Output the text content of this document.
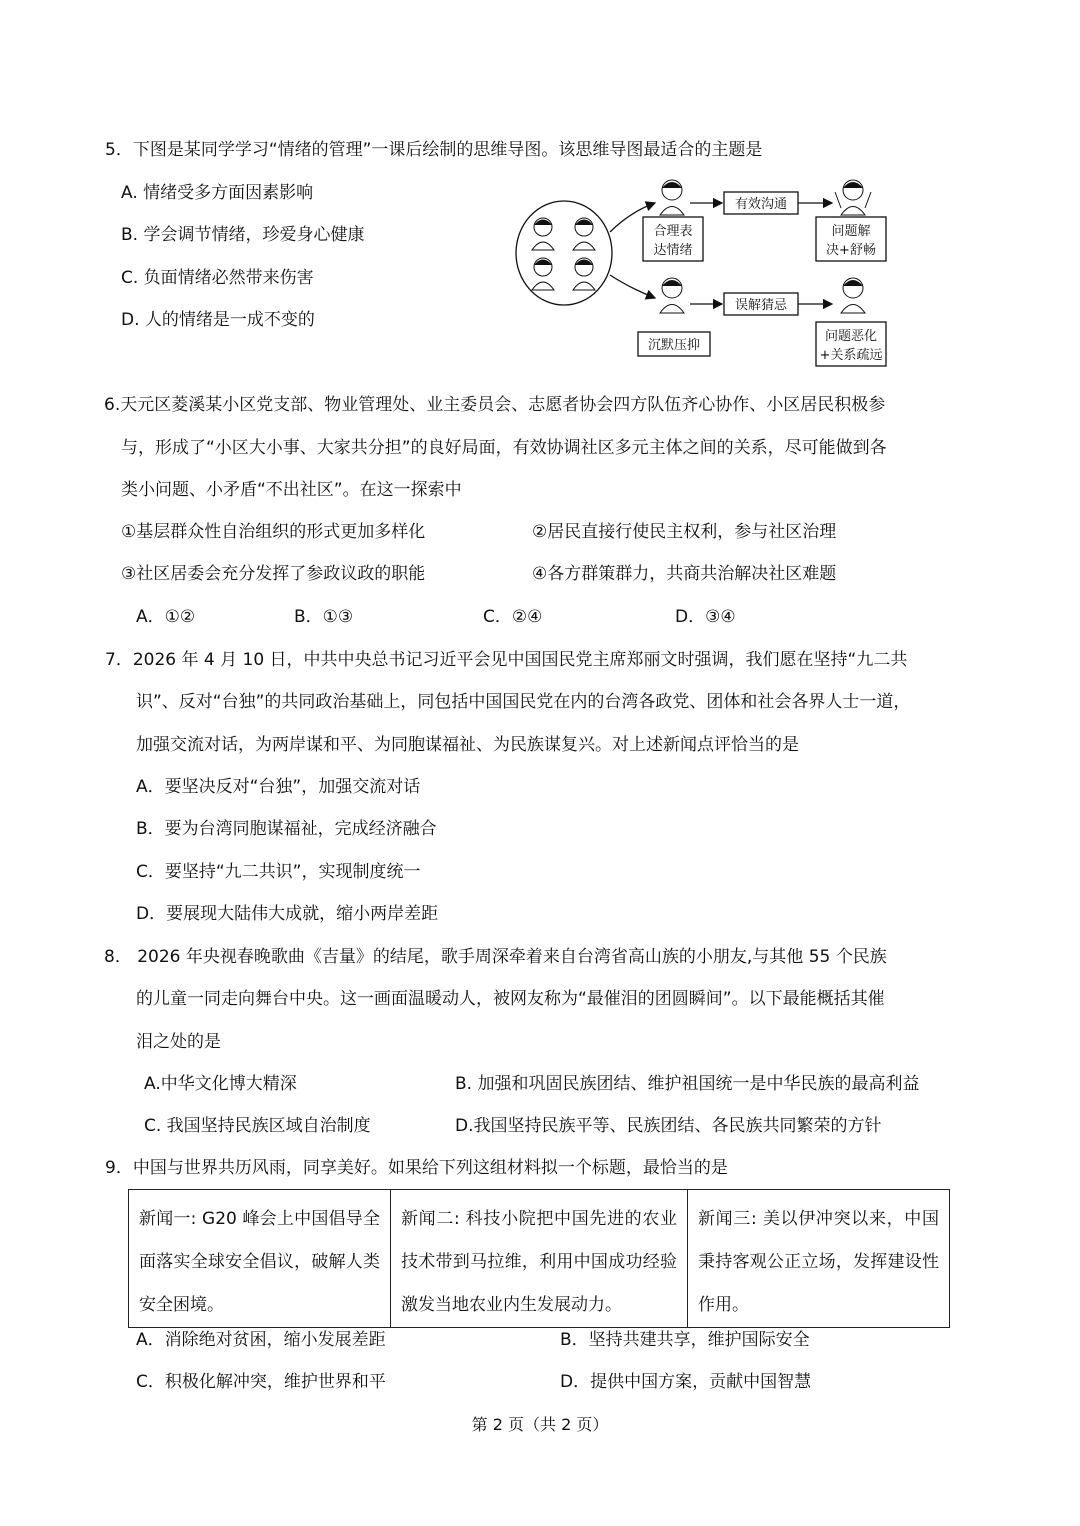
5．下图是某同学学习“情绪的管理”一课后绘制的思维导图。该思维导图最适合的主题是
A. 情绪受多方面因素影响
B. 学会调节情绪，珍爱身心健康
C. 负面情绪必然带来伤害
D. 人的情绪是一成不变的
合理表
达情绪
有效沟通
问题解
决+舒畅
沉默压抑
误解猜忌
问题恶化
+关系疏远
6.天元区菱溪某小区党支部、物业管理处、业主委员会、志愿者协会四方队伍齐心协作、小区居民积极参
与，形成了“小区大小事、大家共分担”的良好局面，有效协调社区多元主体之间的关系，尽可能做到各
类小问题、小矛盾“不出社区”。在这一探索中
①基层群众性自治组织的形式更加多样化	②居民直接行使民主权利，参与社区治理
③社区居委会充分发挥了参政议政的职能	④各方群策群力，共商共治解决社区难题
A．①②	B．①③	C．②④	D．③④
7．2026 年 4 月 10 日，中共中央总书记习近平会见中国国民党主席郑丽文时强调，我们愿在坚持“九二共
识”、反对“台独”的共同政治基础上，同包括中国国民党在内的台湾各政党、团体和社会各界人士一道，
加强交流对话，为两岸谋和平、为同胞谋福祉、为民族谋复兴。对上述新闻点评恰当的是
A．要坚决反对“台独”，加强交流对话
B．要为台湾同胞谋福祉，完成经济融合
C．要坚持“九二共识”，实现制度统一
D．要展现大陆伟大成就，缩小两岸差距
8． 2026 年央视春晚歌曲《吉量》的结尾，歌手周深牵着来自台湾省高山族的小朋友,与其他 55 个民族
的儿童一同走向舞台中央。这一画面温暖动人，被网友称为“最催泪的团圆瞬间”。以下最能概括其催
泪之处的是
A.中华文化博大精深	B. 加强和巩固民族团结、维护祖国统一是中华民族的最高利益
C. 我国坚持民族区域自治制度	D.我国坚持民族平等、民族团结、各民族共同繁荣的方针
9．中国与世界共历风雨，同享美好。如果给下列这组材料拟一个标题，最恰当的是
新闻一: G20 峰会上中国倡导全面落实全球安全倡议，破解人类安全困境。	新闻二: 科技小院把中国先进的农业技术带到马拉维，利用中国成功经验激发当地农业内生发展动力。	新闻三: 美以伊冲突以来，中国秉持客观公正立场，发挥建设性作用。
A．消除绝对贫困，缩小发展差距	B．坚持共建共享，维护国际安全
C．积极化解冲突，维护世界和平	D．提供中国方案，贡献中国智慧
第 2 页（共 2 页）
